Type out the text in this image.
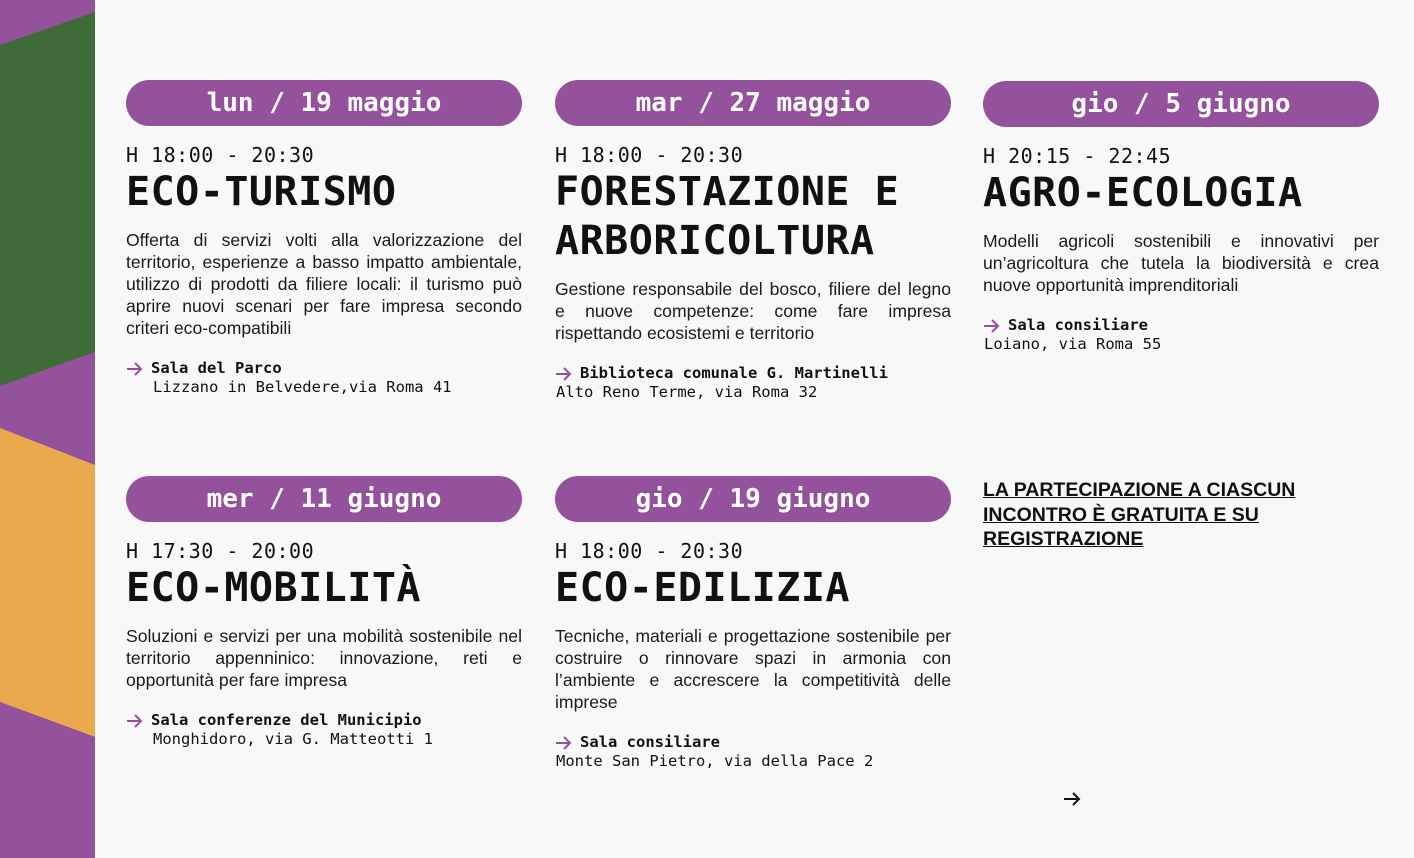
lun / 19 maggio
H 18:00 - 20:30
ECO-TURISMO
Offerta di servizi volti alla valorizzazione del territorio, esperienze a basso impatto ambientale, utilizzo di prodotti da filiere locali: il turismo può aprire nuovi scenari per fare impresa secondo criteri eco-compatibili
Sala del Parco
Lizzano in Belvedere,via Roma 41
mar / 27 maggio
H 18:00 - 20:30
FORESTAZIONE E ARBORICOLTURA
Gestione responsabile del bosco, filiere del legno e nuove competenze: come fare impresa rispettando ecosistemi e territorio
Biblioteca comunale G. Martinelli
Alto Reno Terme, via Roma 32
gio / 5 giugno
H 20:15 - 22:45
AGRO-ECOLOGIA
Modelli agricoli sostenibili e innovativi per un’agricoltura che tutela la biodiversità e crea nuove opportunità imprenditoriali
Sala consiliare
Loiano, via Roma 55
mer / 11 giugno
H 17:30 - 20:00
ECO-MOBILITÀ
Soluzioni e servizi per una mobilità sostenibile nel territorio appenninico: innovazione, reti e opportunità per fare impresa
Sala conferenze del Municipio
Monghidoro, via G. Matteotti 1
gio / 19 giugno
H 18:00 - 20:30
ECO-EDILIZIA
Tecniche, materiali e progettazione sostenibile per costruire o rinnovare spazi in armonia con l’ambiente e accrescere la competitività delle imprese
Sala consiliare
Monte San Pietro, via della Pace 2
LA PARTECIPAZIONE A CIASCUN INCONTRO È GRATUITA E SU REGISTRAZIONE
